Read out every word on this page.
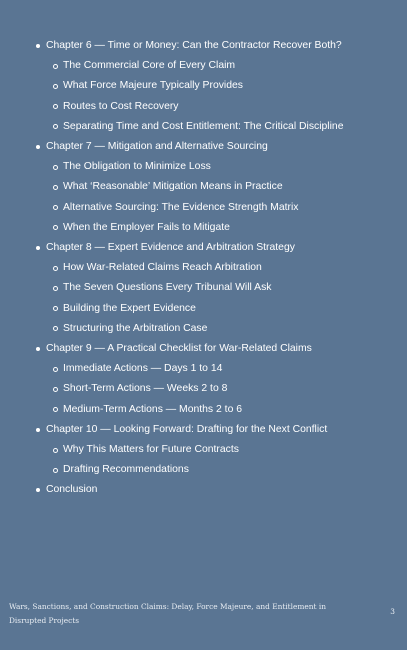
Chapter 6 — Time or Money: Can the Contractor Recover Both?
The Commercial Core of Every Claim
What Force Majeure Typically Provides
Routes to Cost Recovery
Separating Time and Cost Entitlement: The Critical Discipline
Chapter 7 — Mitigation and Alternative Sourcing
The Obligation to Minimize Loss
What ‘Reasonable’ Mitigation Means in Practice
Alternative Sourcing: The Evidence Strength Matrix
When the Employer Fails to Mitigate
Chapter 8 — Expert Evidence and Arbitration Strategy
How War-Related Claims Reach Arbitration
The Seven Questions Every Tribunal Will Ask
Building the Expert Evidence
Structuring the Arbitration Case
Chapter 9 — A Practical Checklist for War-Related Claims
Immediate Actions — Days 1 to 14
Short-Term Actions — Weeks 2 to 8
Medium-Term Actions — Months 2 to 6
Chapter 10 — Looking Forward: Drafting for the Next Conflict
Why This Matters for Future Contracts
Drafting Recommendations
Conclusion
Wars, Sanctions, and Construction Claims: Delay, Force Majeure, and Entitlement in Disrupted Projects
3
